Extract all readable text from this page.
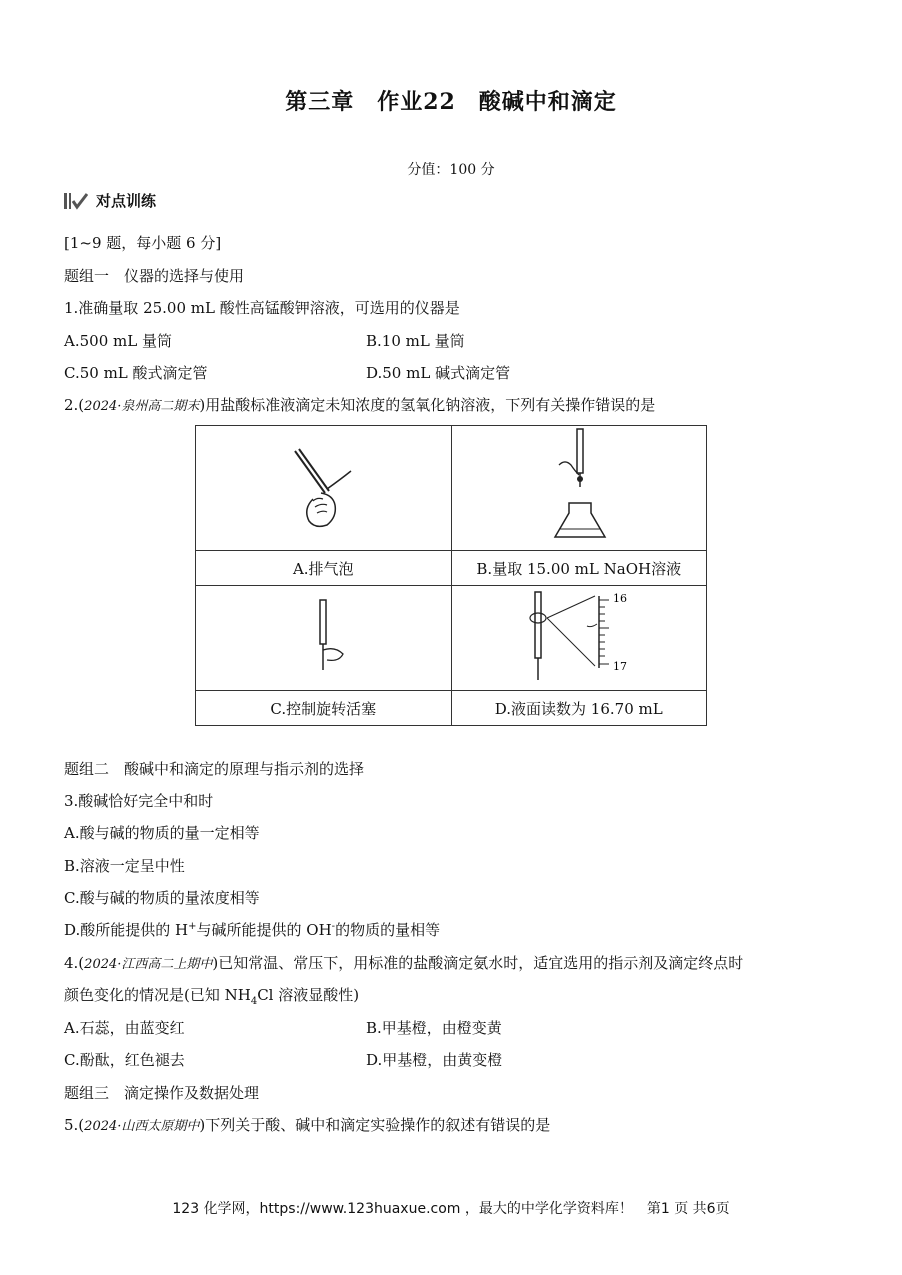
第三章　作业22　酸碱中和滴定
分值：100 分
对点训练
[1~9 题，每小题 6 分]
题组一　仪器的选择与使用
1.准确量取 25.00 mL 酸性高锰酸钾溶液，可选用的仪器是
A.500 mL 量筒	B.10 mL 量筒
C.50 mL 酸式滴定管	D.50 mL 碱式滴定管
2.(2024·泉州高二期末)用盐酸标准液滴定未知浓度的氢氧化钠溶液，下列有关操作错误的是

A.排气泡	B.量取 15.00 mL NaOH溶液

16
17

C.控制旋转活塞	D.液面读数为 16.70 mL
题组二　酸碱中和滴定的原理与指示剂的选择
3.酸碱恰好完全中和时
A.酸与碱的物质的量一定相等
B.溶液一定呈中性
C.酸与碱的物质的量浓度相等
D.酸所能提供的 H+与碱所能提供的 OH-的物质的量相等
4.(2024·江西高二上期中)已知常温、常压下，用标准的盐酸滴定氨水时，适宜选用的指示剂及滴定终点时
颜色变化的情况是(已知 $NH_4Cl$ 溶液显酸性)
A.石蕊，由蓝变红	B.甲基橙，由橙变黄
C.酚酞，红色褪去	D.甲基橙，由黄变橙
题组三　滴定操作及数据处理
5.(2024·山西太原期中)下列关于酸、碱中和滴定实验操作的叙述有错误的是
123 化学网，https://www.123huaxue.com ，最大的中学化学资料库！　第1 页 共6页
